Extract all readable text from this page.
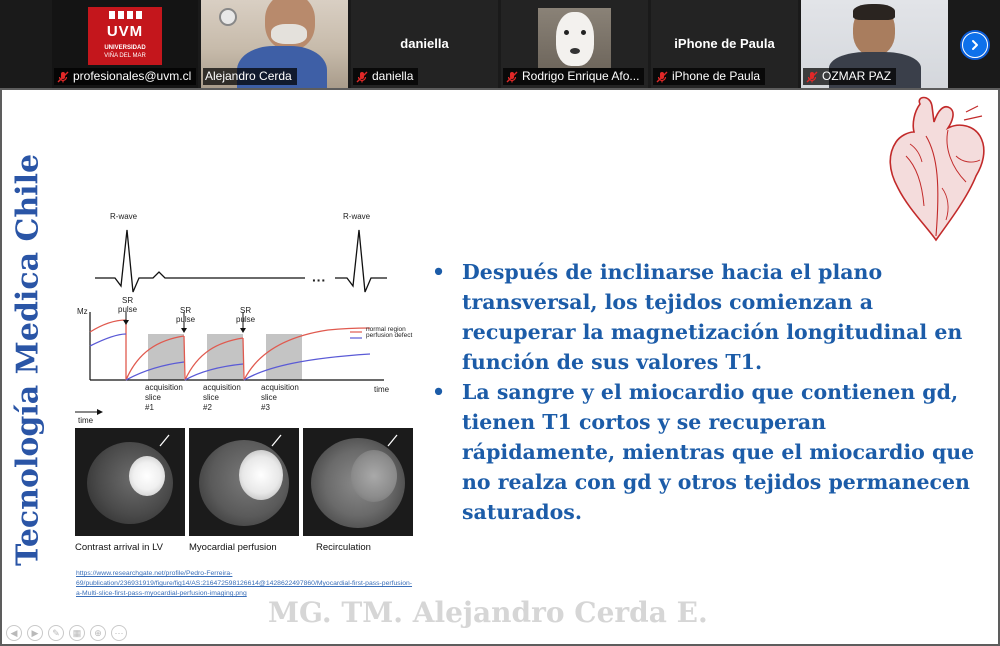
UVM
UNIVERSIDAD
VIÑA DEL MAR
profesionales@uvm.cl Alejandro Cerda
daniella
daniella	Rodrigo Enrique Afo...
iPhone de Paula
iPhone de Paula	OZMAR PAZ
Tecnología Medica Chile	R-wave	R-wave
···
Mz
time
SR
pulse	SR
pulse
SR
pulse
normal region
perfusion defect
acquisition
slice
#1
acquisition
slice
#2
acquisition
slice
#3
time
Contrast arrival in LV	Myocardial perfusion	Recirculation
https://www.researchgate.net/profile/Pedro-Ferreira-69/publication/236931919/figure/fig14/AS:216472598126614@1428622497860/Myocardial-first-pass-perfusion-a-Multi-slice-first-pass-myocardial-perfusion-imaging.png
• Después de inclinarse hacia el plano transversal, los tejidos comienzan a recuperar la magnetización longitudinal en función de sus valores T1.
• La sangre y el miocardio que contienen gd, tienen T1 cortos y se recuperan rápidamente, mientras que el miocardio que no realza con gd y otros tejidos permanecen saturados.
MG. TM. Alejandro Cerda E.
◀	▶	✎	▦	⊕	⋯
